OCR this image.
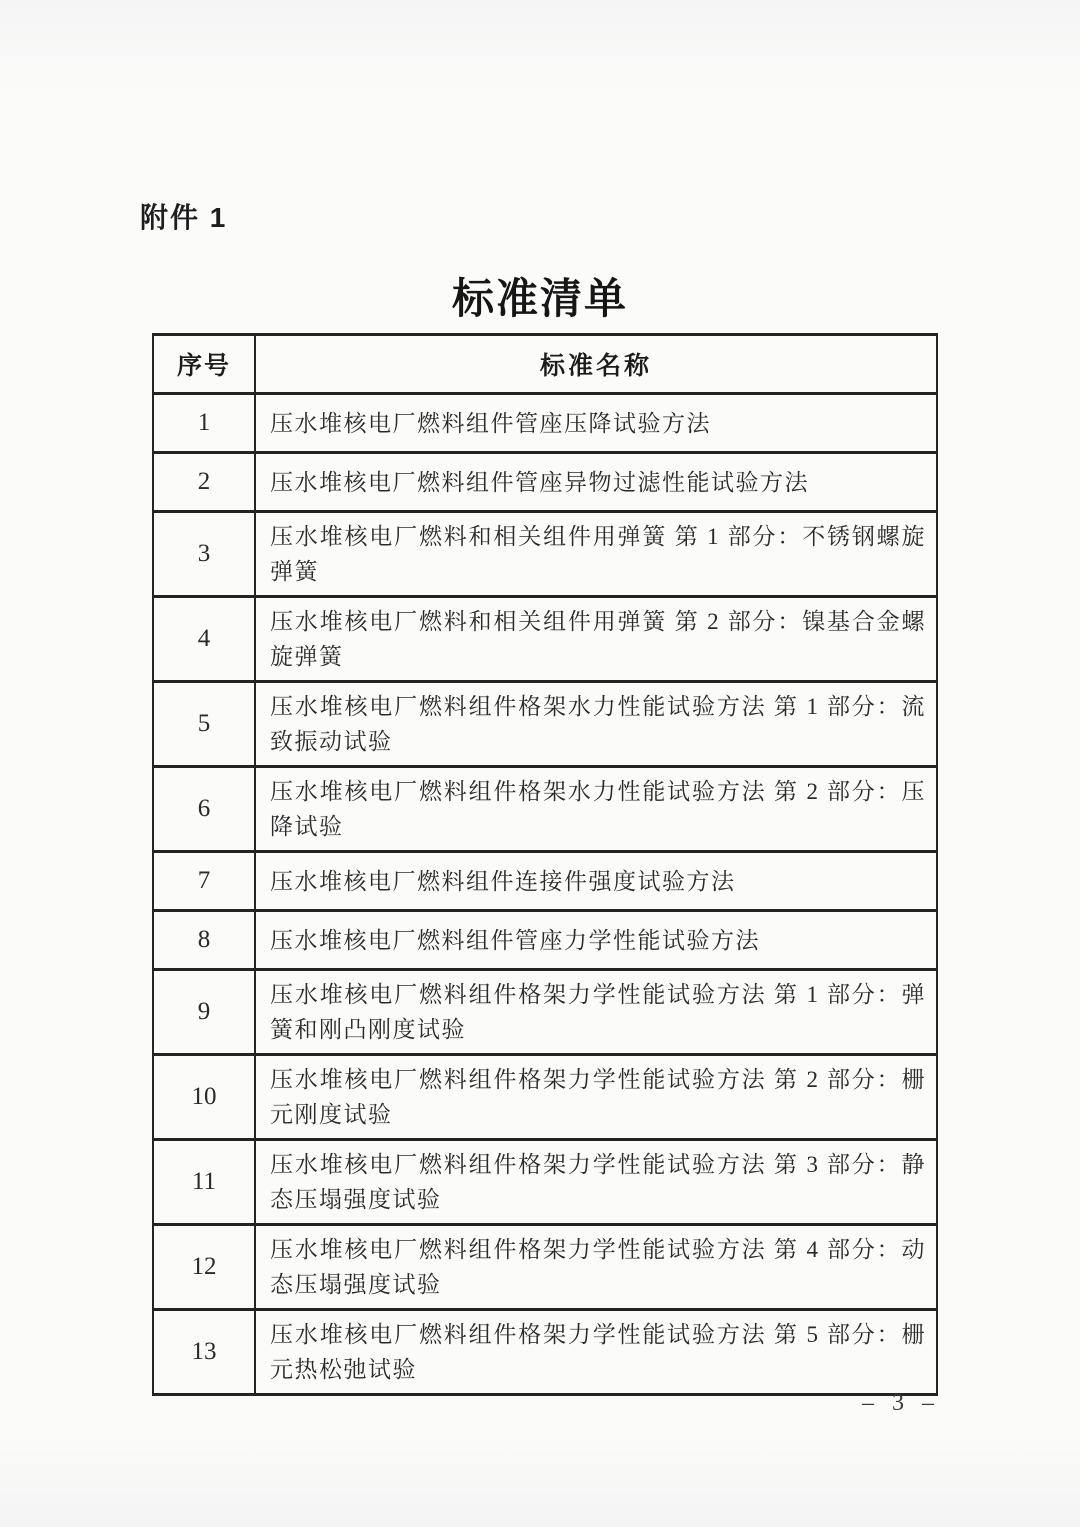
附件 1
标准清单
序号	标准名称
1	压水堆核电厂燃料组件管座压降试验方法
2	压水堆核电厂燃料组件管座异物过滤性能试验方法
3	压水堆核电厂燃料和相关组件用弹簧 第 1 部分：不锈钢螺旋弹簧
4	压水堆核电厂燃料和相关组件用弹簧 第 2 部分：镍基合金螺旋弹簧
5	压水堆核电厂燃料组件格架水力性能试验方法 第 1 部分：流致振动试验
6	压水堆核电厂燃料组件格架水力性能试验方法 第 2 部分：压降试验
7	压水堆核电厂燃料组件连接件强度试验方法
8	压水堆核电厂燃料组件管座力学性能试验方法
9	压水堆核电厂燃料组件格架力学性能试验方法 第 1 部分：弹簧和刚凸刚度试验
10	压水堆核电厂燃料组件格架力学性能试验方法 第 2 部分：栅元刚度试验
11	压水堆核电厂燃料组件格架力学性能试验方法 第 3 部分：静态压塌强度试验
12	压水堆核电厂燃料组件格架力学性能试验方法 第 4 部分：动态压塌强度试验
13	压水堆核电厂燃料组件格架力学性能试验方法 第 5 部分：栅元热松弛试验
– 3 –
